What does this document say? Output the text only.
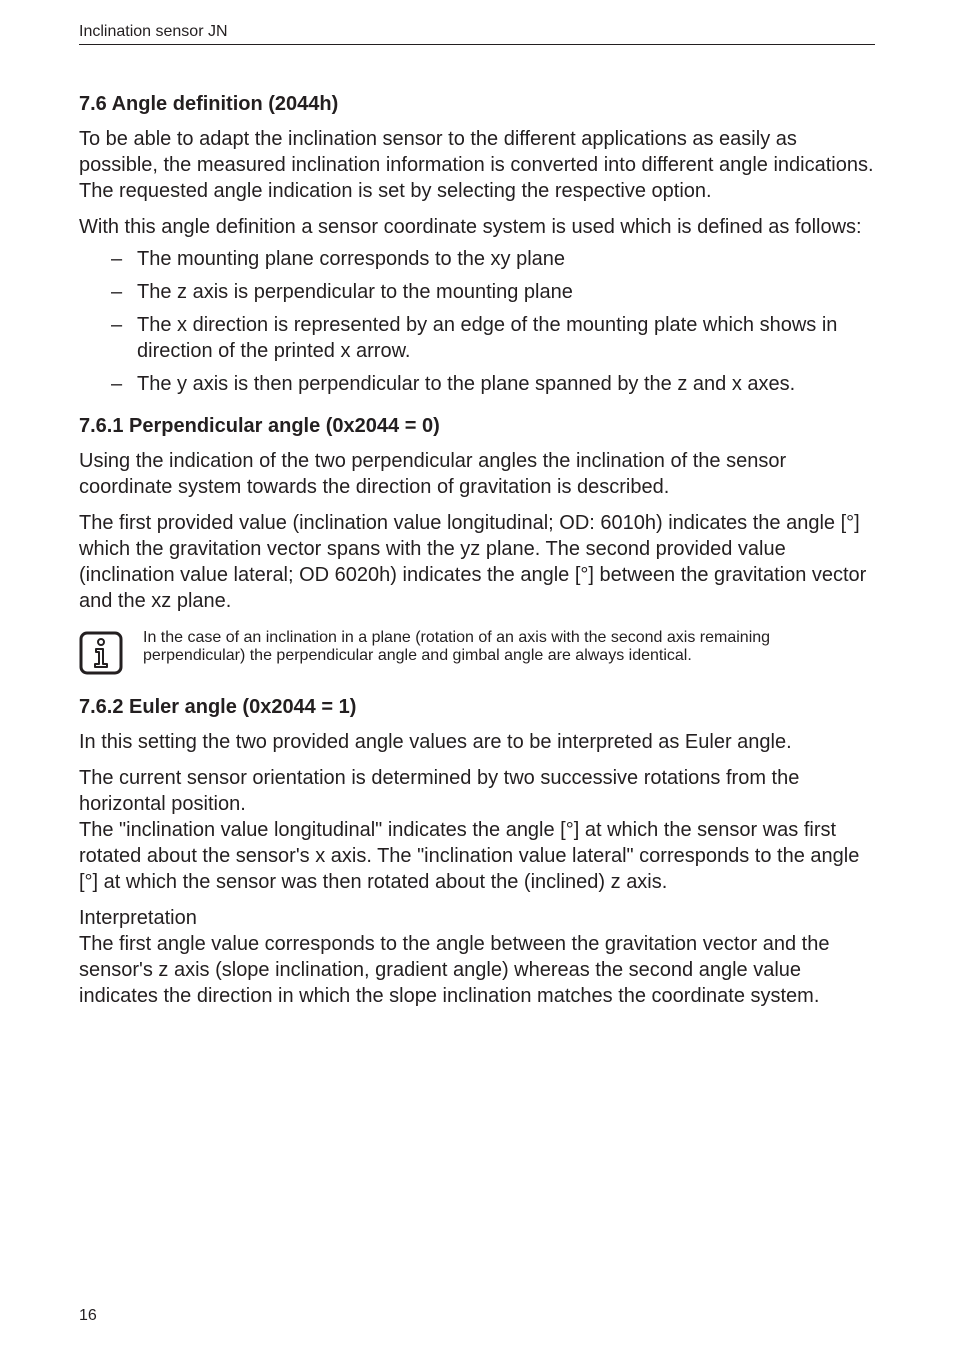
Inclination sensor JN
7.6 Angle definition (2044h)

To be able to adapt the inclination sensor to the different applications as easily as possible, the measured inclination information is converted into different angle indications. The requested angle indication is set by selecting the respective option.

With this angle definition a sensor coordinate system is used which is defined as follows:

– The mounting plane corresponds to the xy plane
– The z axis is perpendicular to the mounting plane
– The x direction is represented by an edge of the mounting plate which shows in direction of the printed x arrow.
– The y axis is then perpendicular to the plane spanned by the z and x axes.
7.6.1 Perpendicular angle (0x2044 = 0)

Using the indication of the two perpendicular angles the inclination of the sensor coordinate system towards the direction of gravitation is described.

The first provided value (inclination value longitudinal; OD: 6010h) indicates the angle [°] which the gravitation vector spans with the yz plane. The second provided value (inclination value lateral; OD 6020h) indicates the angle [°] between the gravitation vector and the xz plane.

In the case of an inclination in a plane (rotation of an axis with the second axis remaining perpendicular) the perpendicular angle and gimbal angle are always identical.
7.6.2 Euler angle (0x2044 = 1)

In this setting the two provided angle values are to be interpreted as Euler angle.

The current sensor orientation is determined by two successive rotations from the horizontal position.

The "inclination value longitudinal" indicates the angle [°] at which the sensor was first rotated about the sensor's x axis. The "inclination value lateral" corresponds to the angle [°] at which the sensor was then rotated about the (inclined) z axis.

Interpretation

The first angle value corresponds to the angle between the gravitation vector and the sensor's z axis (slope inclination, gradient angle) whereas the second angle value indicates the direction in which the slope inclination matches the coordinate system.

16
